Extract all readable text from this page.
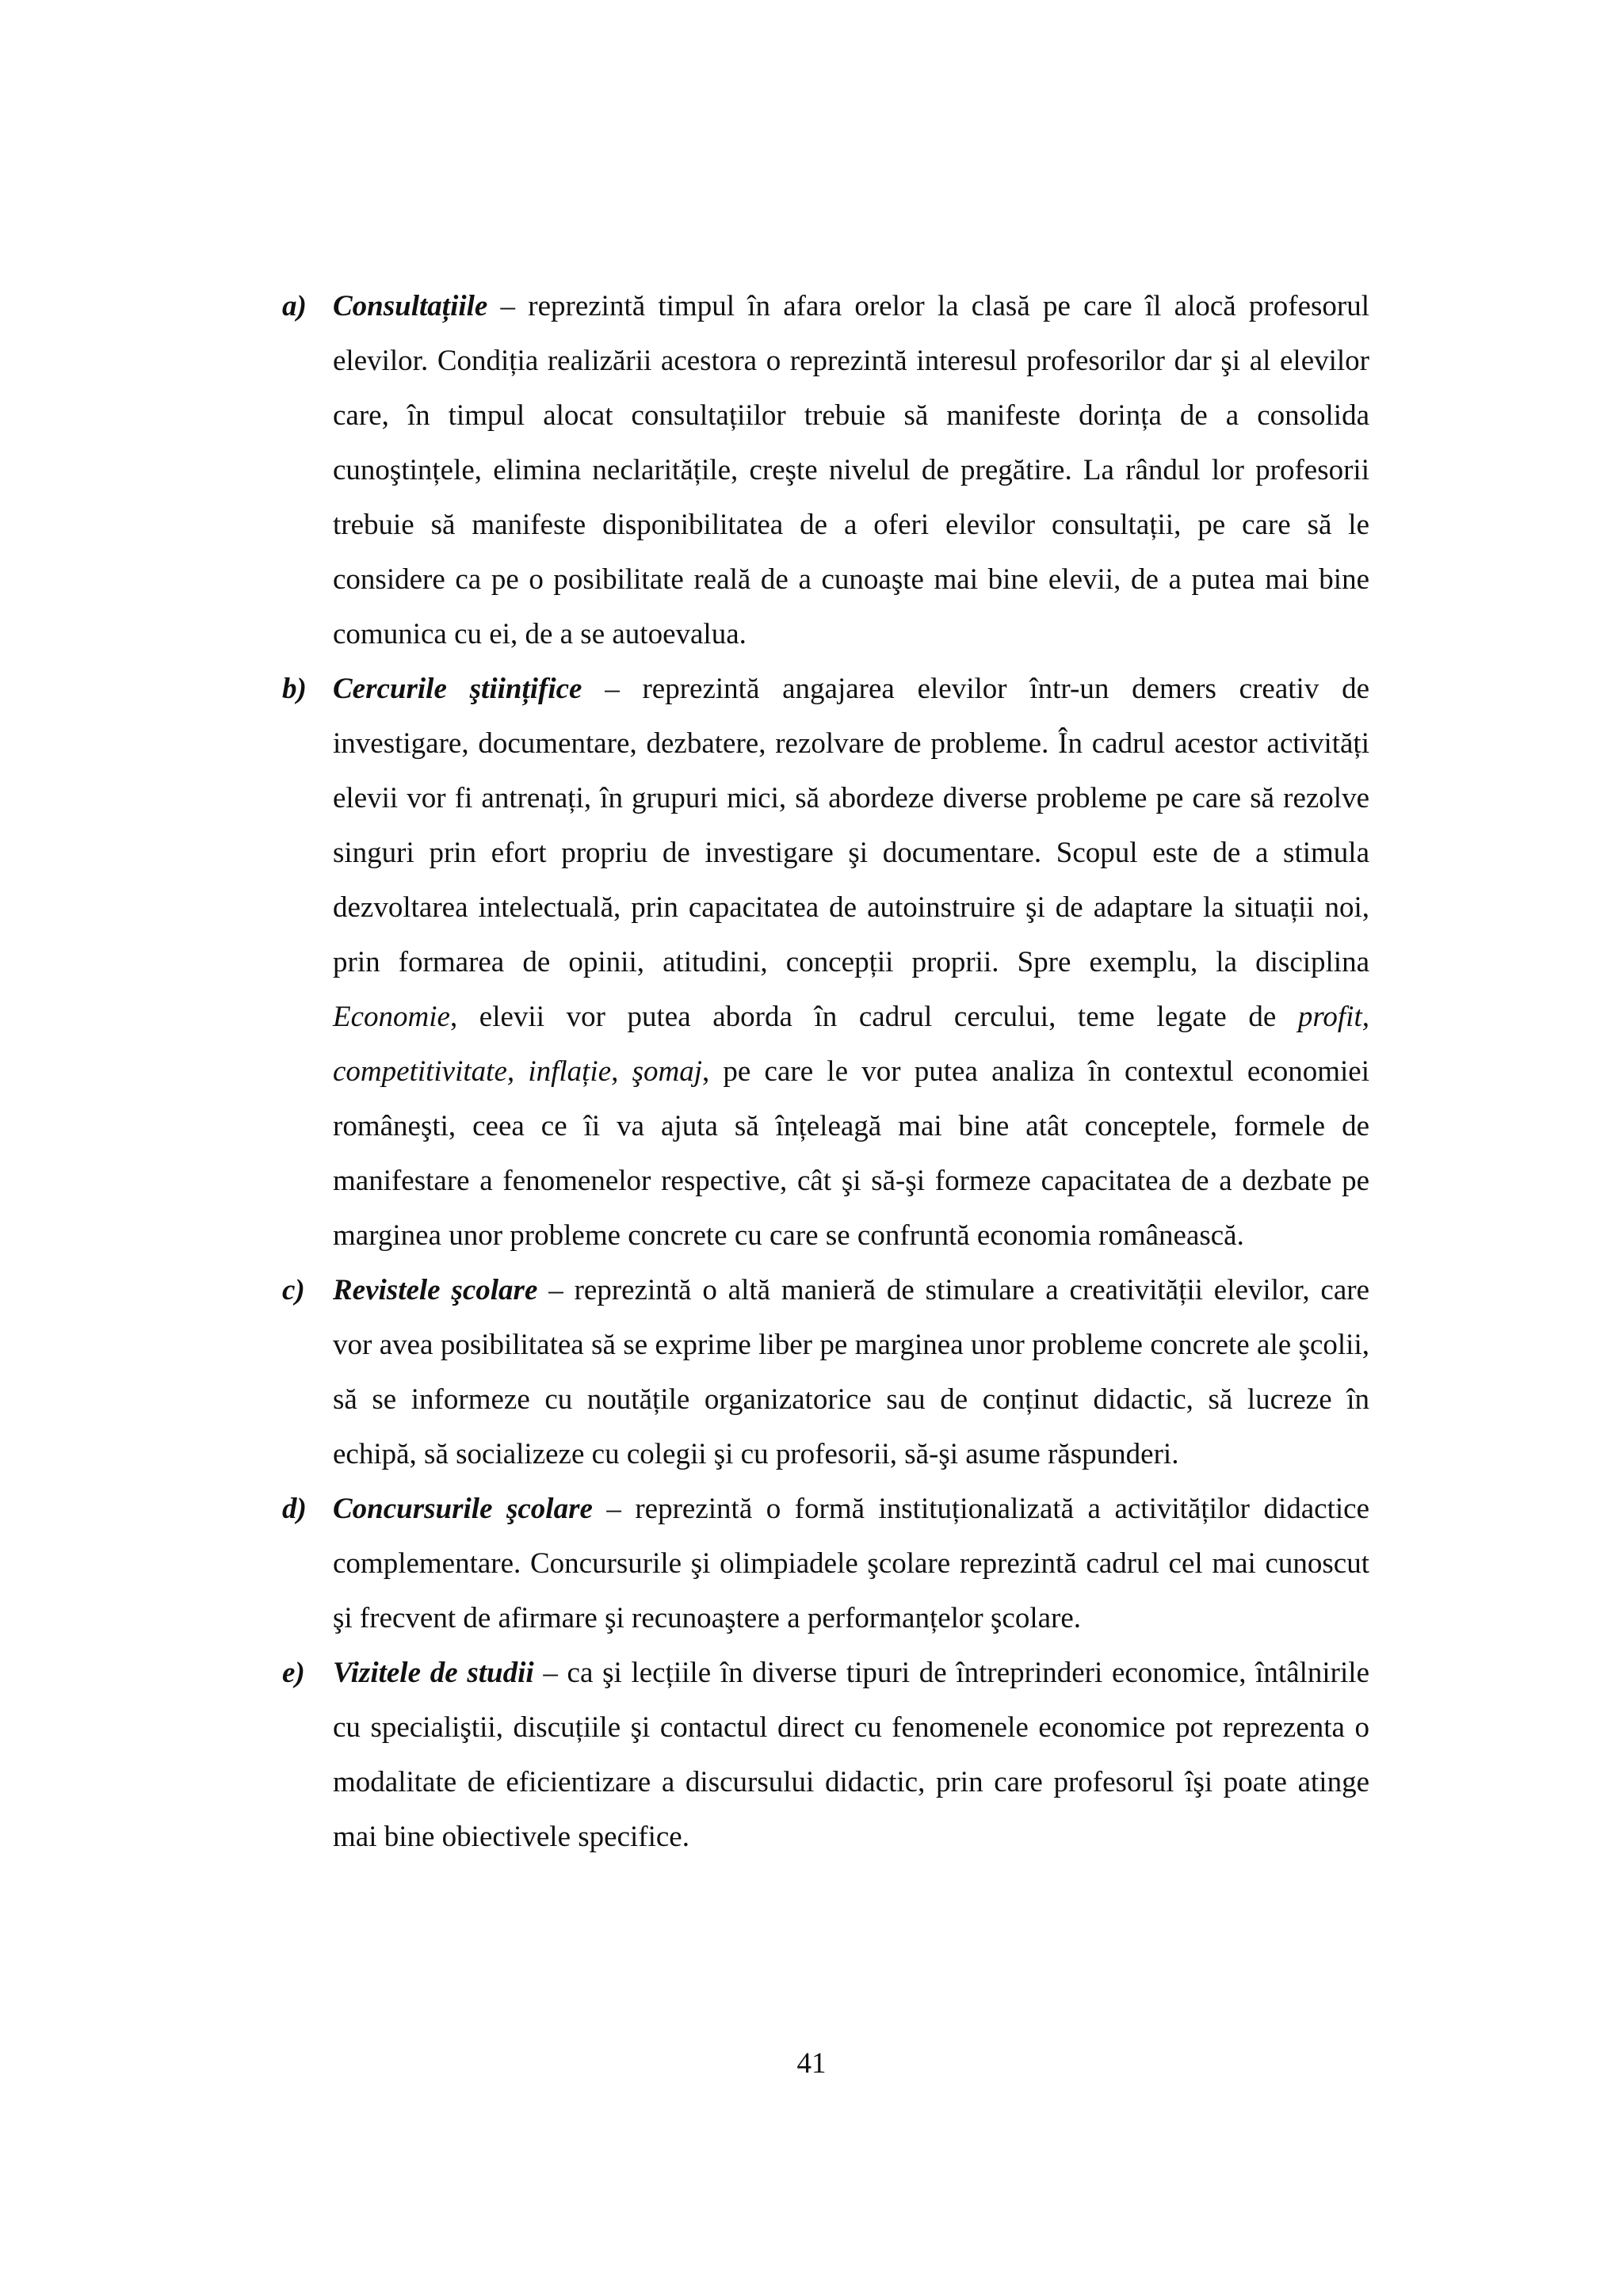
a) Consultațiile – reprezintă timpul în afara orelor la clasă pe care îl alocă profesorul elevilor. Condiția realizării acestora o reprezintă interesul profesorilor dar şi al elevilor care, în timpul alocat consultațiilor trebuie să manifeste dorința de a consolida cunoştințele, elimina neclaritățile, creşte nivelul de pregătire. La rândul lor profesorii trebuie să manifeste disponibilitatea de a oferi elevilor consultații, pe care să le considere ca pe o posibilitate reală de a cunoaşte mai bine elevii, de a putea mai bine comunica cu ei, de a se autoevalua.
b) Cercurile ştiințifice – reprezintă angajarea elevilor într-un demers creativ de investigare, documentare, dezbatere, rezolvare de probleme. În cadrul acestor activități elevii vor fi antrenați, în grupuri mici, să abordeze diverse probleme pe care să rezolve singuri prin efort propriu de investigare şi documentare. Scopul este de a stimula dezvoltarea intelectuală, prin capacitatea de autoinstruire şi de adaptare la situații noi, prin formarea de opinii, atitudini, concepții proprii. Spre exemplu, la disciplina Economie, elevii vor putea aborda în cadrul cercului, teme legate de profit, competitivitate, inflație, şomaj, pe care le vor putea analiza în contextul economiei româneşti, ceea ce îi va ajuta să înțeleagă mai bine atât conceptele, formele de manifestare a fenomenelor respective, cât şi să-şi formeze capacitatea de a dezbate pe marginea unor probleme concrete cu care se confruntă economia românească.
c) Revistele şcolare – reprezintă o altă manieră de stimulare a creativității elevilor, care vor avea posibilitatea să se exprime liber pe marginea unor probleme concrete ale şcolii, să se informeze cu noutățile organizatorice sau de conținut didactic, să lucreze în echipă, să socializeze cu colegii şi cu profesorii, să-şi asume răspunderi.
d) Concursurile şcolare – reprezintă o formă instituționalizată a activităților didactice complementare. Concursurile şi olimpiadele şcolare reprezintă cadrul cel mai cunoscut şi frecvent de afirmare şi recunoaştere a performanțelor şcolare.
e) Vizitele de studii – ca şi lecțiile în diverse tipuri de întreprinderi economice, întâlnirile cu specialiştii, discuțiile şi contactul direct cu fenomenele economice pot reprezenta o modalitate de eficientizare a discursului didactic, prin care profesorul îşi poate atinge mai bine obiectivele specifice.
41
